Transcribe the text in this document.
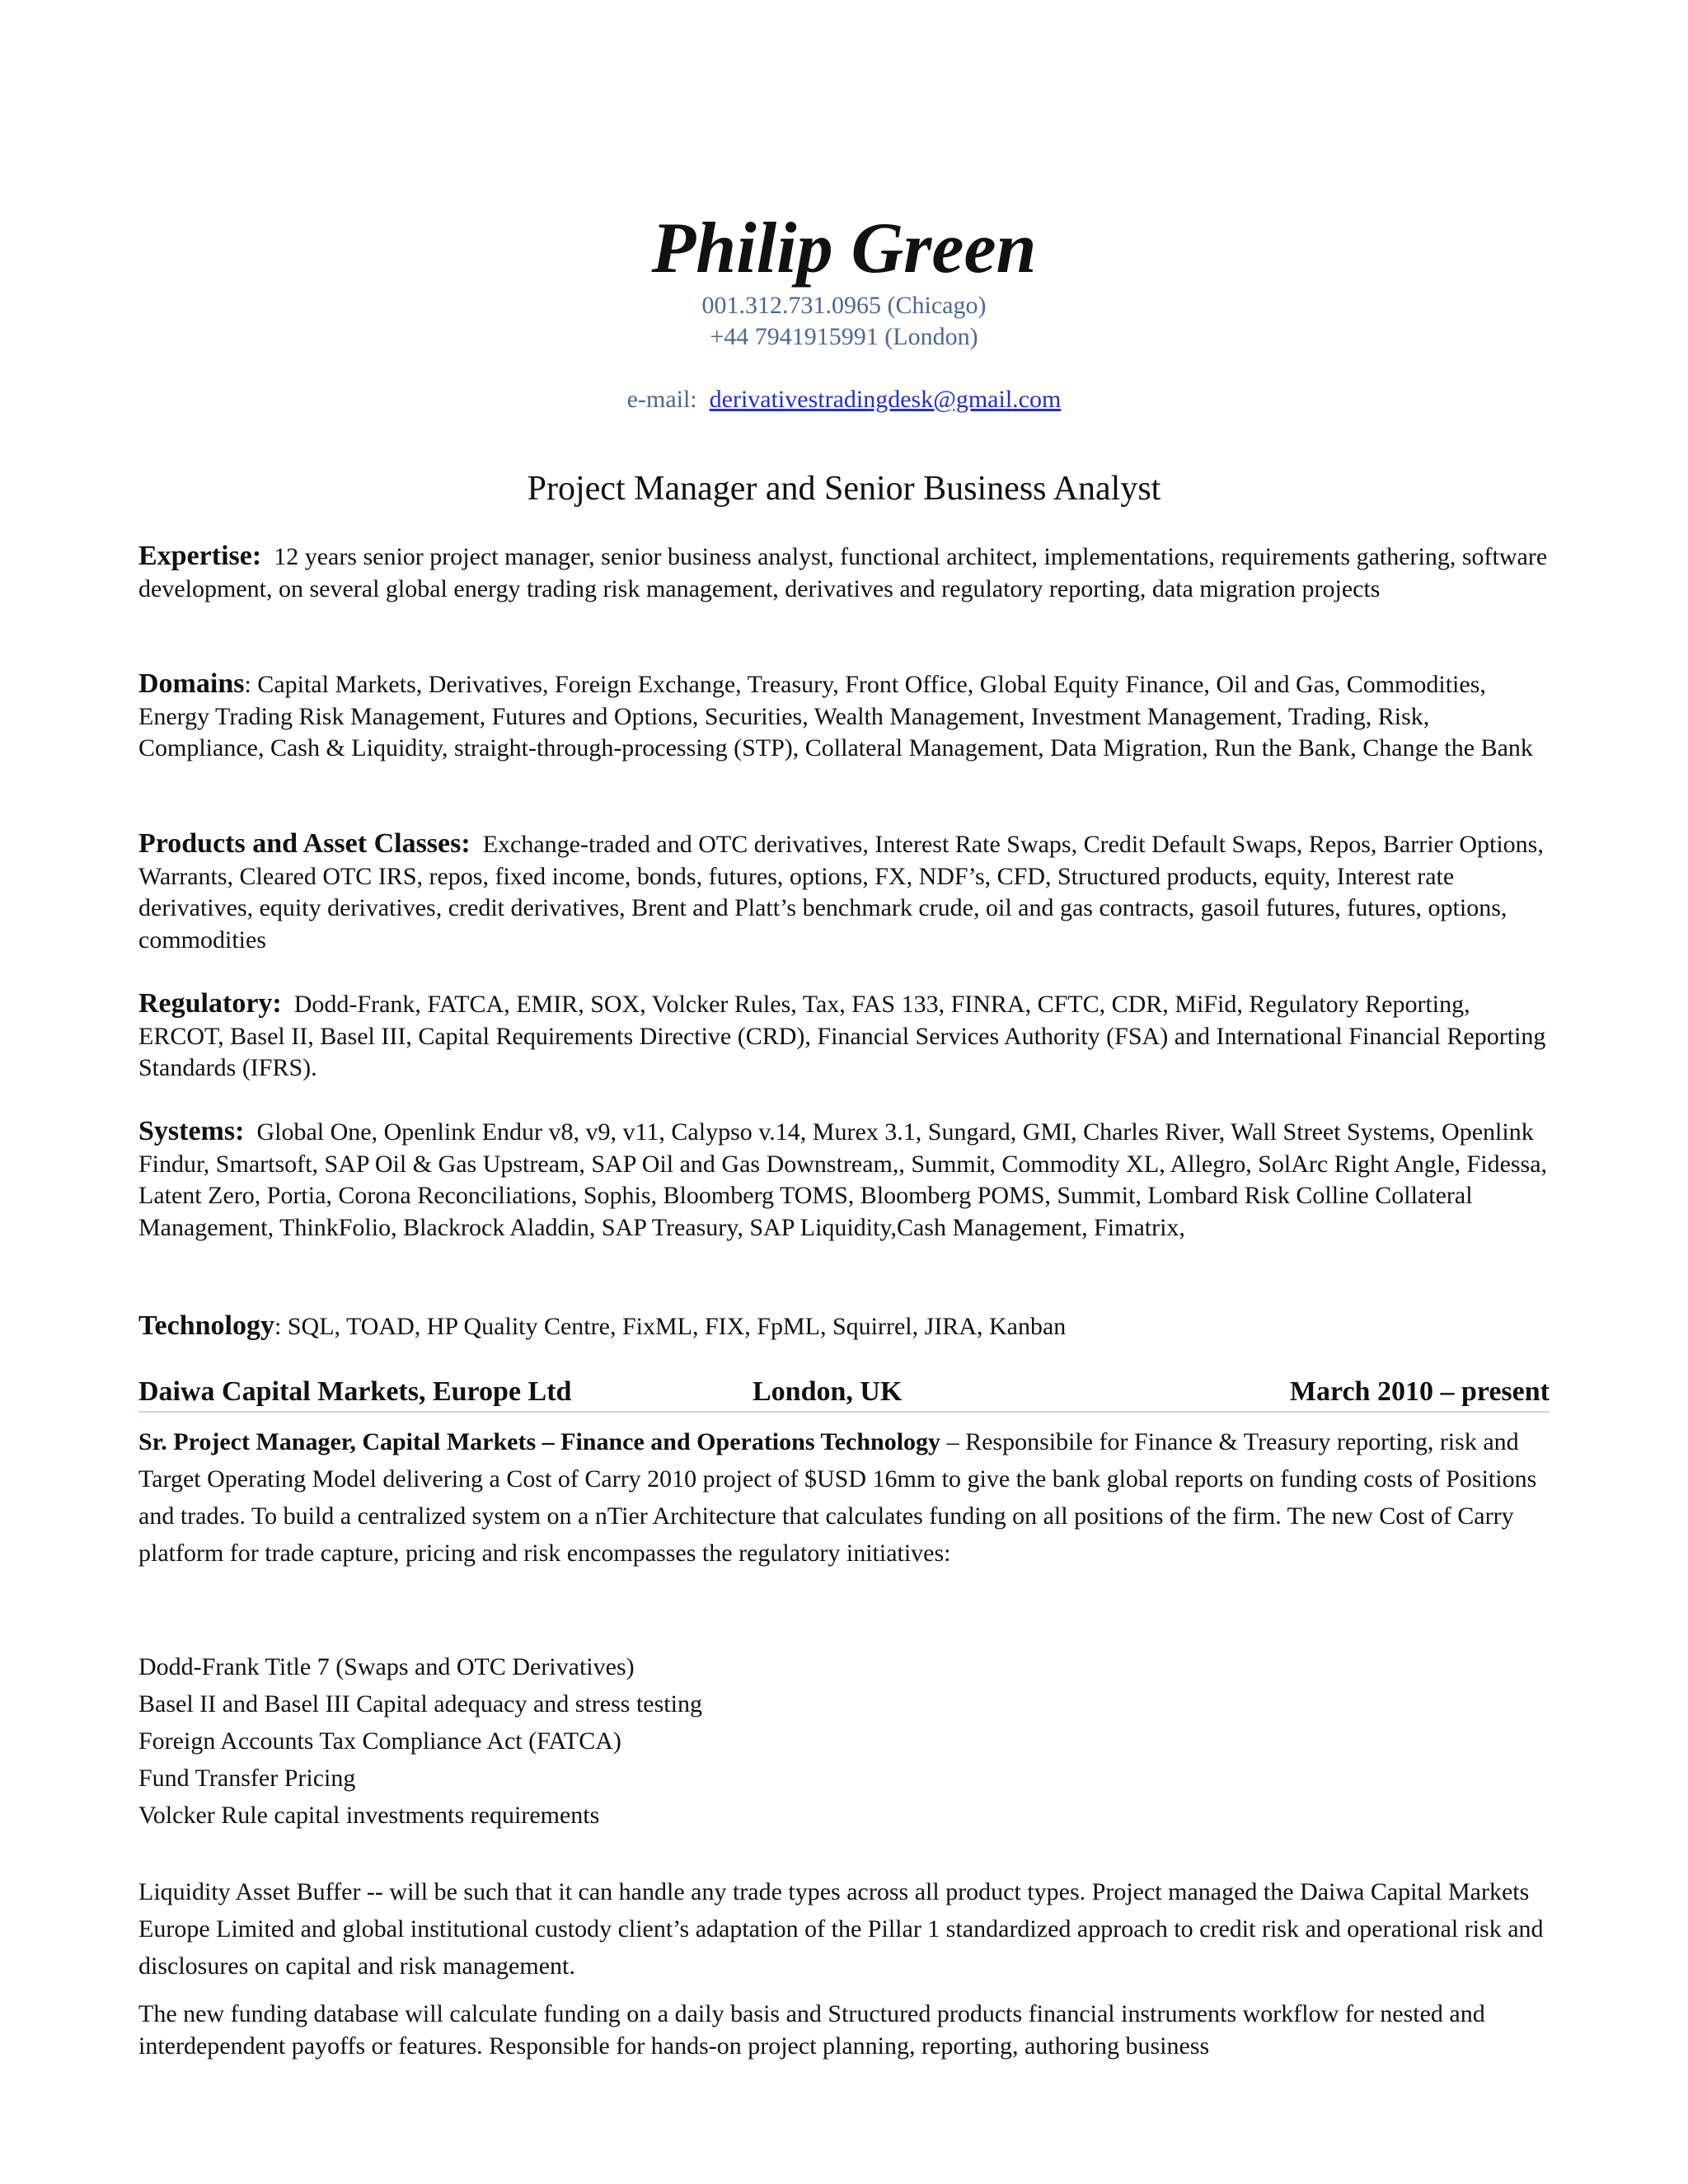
Philip Green
001.312.731.0965 (Chicago)
+44 7941915991 (London)
e-mail: derivativestradingdesk@gmail.com
Project Manager and Senior Business Analyst
Expertise: 12 years senior project manager, senior business analyst, functional architect, implementations, requirements gathering, software development, on several global energy trading risk management, derivatives and regulatory reporting, data migration projects
Domains: Capital Markets, Derivatives, Foreign Exchange, Treasury, Front Office, Global Equity Finance, Oil and Gas, Commodities, Energy Trading Risk Management, Futures and Options, Securities, Wealth Management, Investment Management, Trading, Risk, Compliance, Cash & Liquidity, straight-through-processing (STP), Collateral Management, Data Migration, Run the Bank, Change the Bank
Products and Asset Classes: Exchange-traded and OTC derivatives, Interest Rate Swaps, Credit Default Swaps, Repos, Barrier Options, Warrants, Cleared OTC IRS, repos, fixed income, bonds, futures, options, FX, NDF’s, CFD, Structured products, equity, Interest rate derivatives, equity derivatives, credit derivatives, Brent and Platt’s benchmark crude, oil and gas contracts, gasoil futures, futures, options, commodities
Regulatory: Dodd-Frank, FATCA, EMIR, SOX, Volcker Rules, Tax, FAS 133, FINRA, CFTC, CDR, MiFid, Regulatory Reporting, ERCOT, Basel II, Basel III, Capital Requirements Directive (CRD), Financial Services Authority (FSA) and International Financial Reporting Standards (IFRS).
Systems: Global One, Openlink Endur v8, v9, v11, Calypso v.14, Murex 3.1, Sungard, GMI, Charles River, Wall Street Systems, Openlink Findur, Smartsoft, SAP Oil & Gas Upstream, SAP Oil and Gas Downstream,, Summit, Commodity XL, Allegro, SolArc Right Angle, Fidessa, Latent Zero, Portia, Corona Reconciliations, Sophis, Bloomberg TOMS, Bloomberg POMS, Summit, Lombard Risk Colline Collateral Management, ThinkFolio, Blackrock Aladdin, SAP Treasury, SAP Liquidity,Cash Management, Fimatrix,
Technology: SQL, TOAD, HP Quality Centre, FixML, FIX, FpML, Squirrel, JIRA, Kanban
Daiwa Capital Markets, Europe Ltd	London, UK	March 2010 – present
Sr. Project Manager, Capital Markets – Finance and Operations Technology – Responsibile for Finance & Treasury reporting, risk and Target Operating Model delivering a Cost of Carry 2010 project of $USD 16mm to give the bank global reports on funding costs of Positions and trades. To build a centralized system on a nTier Architecture that calculates funding on all positions of the firm. The new Cost of Carry platform for trade capture, pricing and risk encompasses the regulatory initiatives:
Dodd-Frank Title 7 (Swaps and OTC Derivatives)
Basel II and Basel III Capital adequacy and stress testing
Foreign Accounts Tax Compliance Act (FATCA)
Fund Transfer Pricing
Volcker Rule capital investments requirements
Liquidity Asset Buffer -- will be such that it can handle any trade types across all product types. Project managed the Daiwa Capital Markets Europe Limited and global institutional custody client’s adaptation of the Pillar 1 standardized approach to credit risk and operational risk and disclosures on capital and risk management.
The new funding database will calculate funding on a daily basis and Structured products financial instruments workflow for nested and interdependent payoffs or features. Responsible for hands-on project planning, reporting, authoring business
